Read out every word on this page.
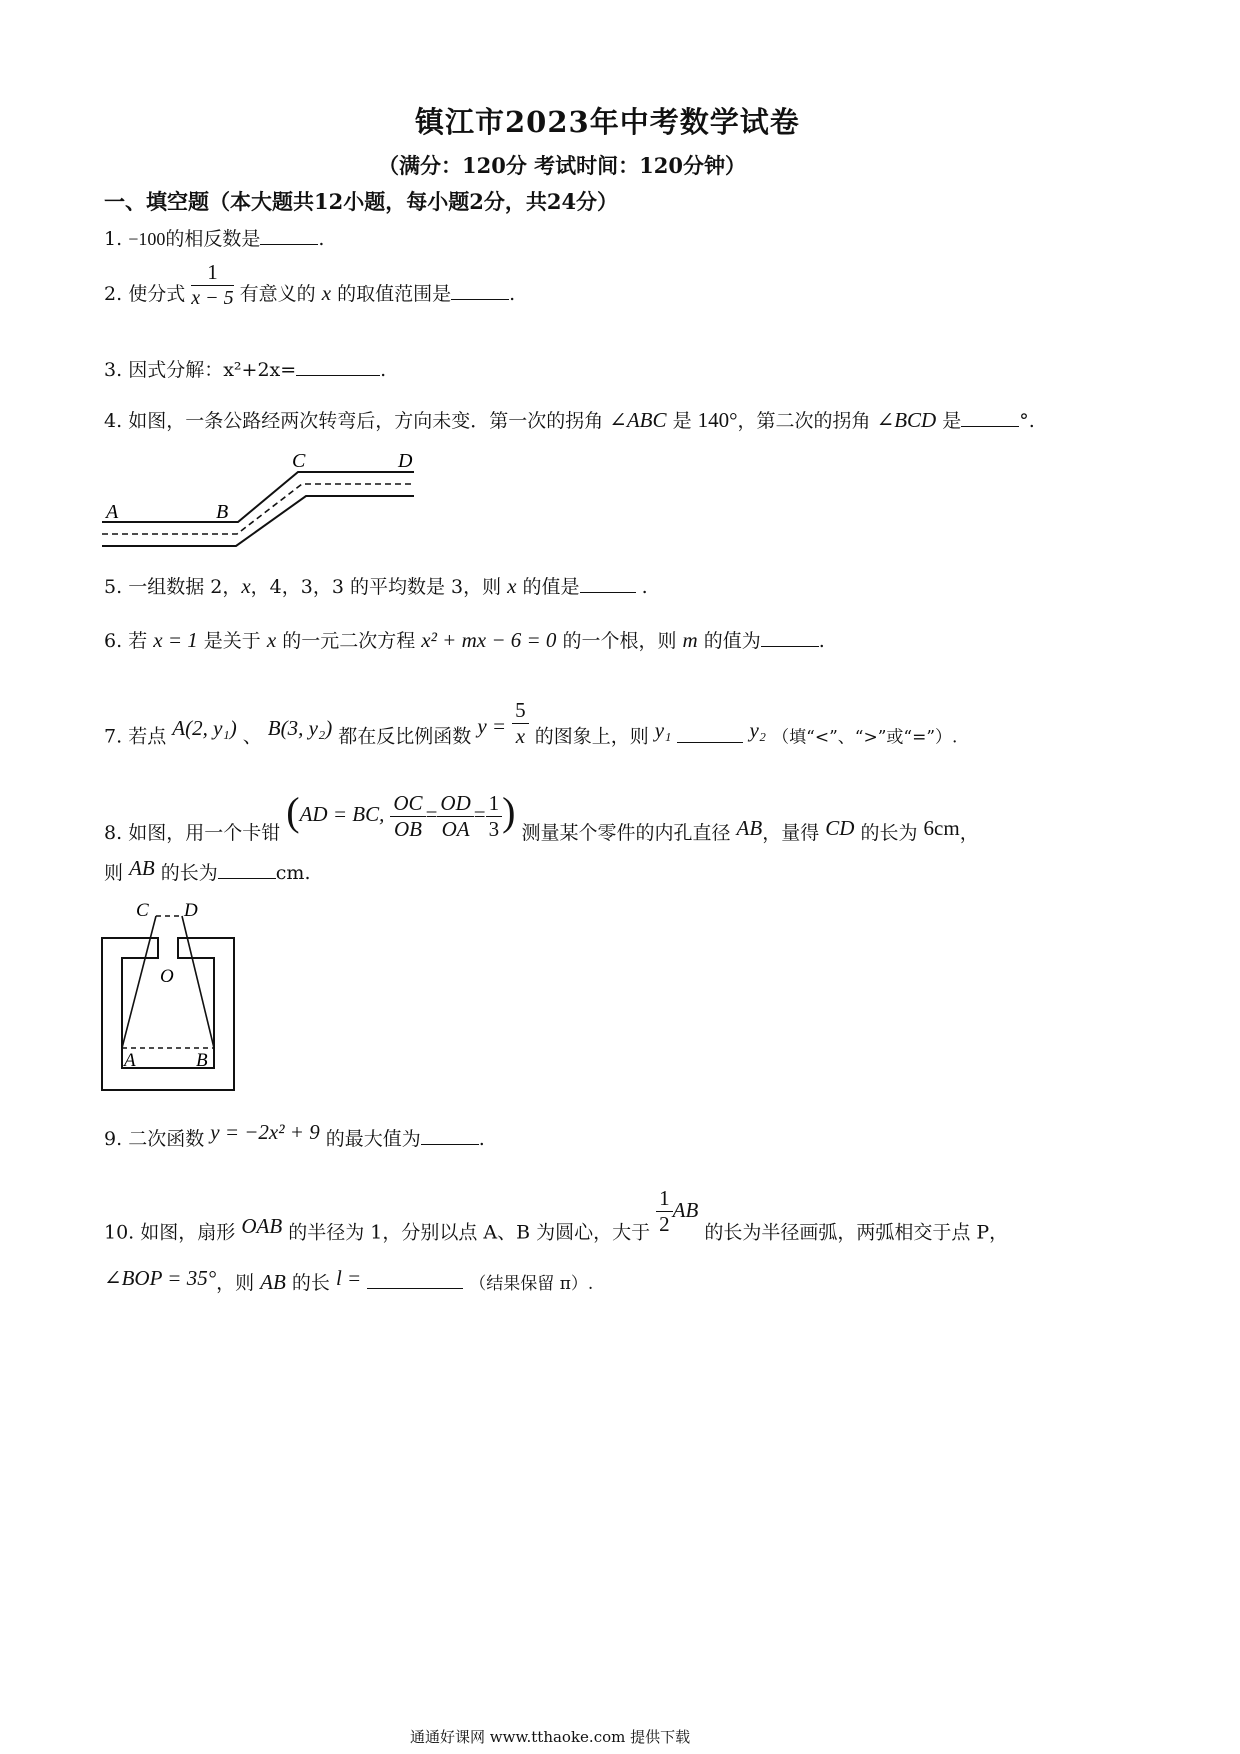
镇江市2023年中考数学试卷
（满分：120分 考试时间：120分钟）
一、填空题（本大题共12小题，每小题2分，共24分）
1. −100的相反数是	.
2. 使分式 $\frac{1}{x - 5}$ 有意义的 x 的取值范围是	.
3. 因式分解：x²+2x=	.
4. 如图，一条公路经两次转弯后，方向未变．第一次的拐角 ∠ABC 是 140°，第二次的拐角 ∠BCD 是	°.
A	B
C	D
5. 一组数据 2，x，4，3，3 的平均数是 3，则 x 的值是	.
6. 若 x = 1 是关于 x 的一元二次方程 x² + mx − 6 = 0 的一个根，则 m 的值为	.
7. 若点 A(2, y₁) 、 B(3, y₂) 都在反比例函数 $y = \frac{5}{x}$ 的图象上，则 y₁	y₂ （填“<”、“>”或“=”）.
8. 如图，用一个卡钳 (AD = BC, $\frac{OC}{OB} = \frac{OD}{OA} = \frac{1}{3}$ ) 测量某个零件的内孔直径 AB，量得 CD 的长为 6cm，
则 AB 的长为	cm.
C D
O
A	B
9. 二次函数 y = −2x² + 9 的最大值为	.
10. 如图，扇形 OAB 的半径为 1，分别以点 A、B 为圆心，大于 $\frac{1}{2}$ AB 的长为半径画弧，两弧相交于点 P，
∠BOP = 35°，则 AB 的长 l =	（结果保留 π）.
通通好课网 www.tthaoke.com 提供下载
